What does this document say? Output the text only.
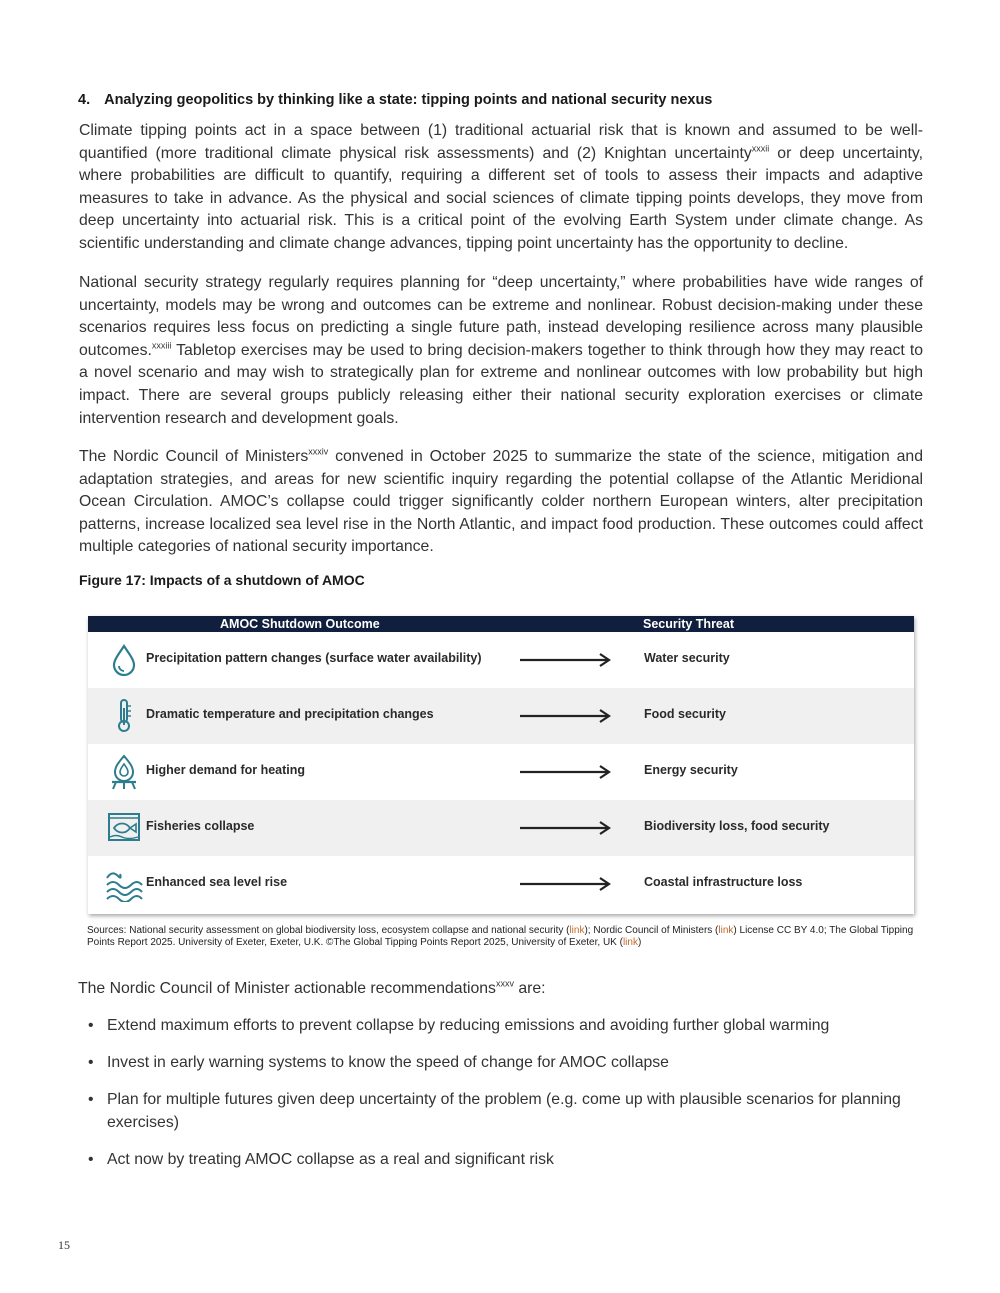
4. Analyzing geopolitics by thinking like a state: tipping points and national security nexus

Climate tipping points act in a space between (1) traditional actuarial risk that is known and assumed to be well-quantified (more traditional climate physical risk assessments) and (2) Knightan uncertainty$^{xxxii}$ or deep uncertainty, where probabilities are difficult to quantify, requiring a different set of tools to assess their impacts and adaptive measures to take in advance. As the physical and social sciences of climate tipping points develops, they move from deep uncertainty into actuarial risk. This is a critical point of the evolving Earth System under climate change. As scientific understanding and climate change advances, tipping point uncertainty has the opportunity to decline.

National security strategy regularly requires planning for “deep uncertainty,” where probabilities have wide ranges of uncertainty, models may be wrong and outcomes can be extreme and nonlinear. Robust decision-making under these scenarios requires less focus on predicting a single future path, instead developing resilience across many plausible outcomes.$^{xxxiii}$ Tabletop exercises may be used to bring decision-makers together to think through how they may react to a novel scenario and may wish to strategically plan for extreme and nonlinear outcomes with low probability but high impact. There are several groups publicly releasing either their national security exploration exercises or climate intervention research and development goals.

The Nordic Council of Ministers$^{xxxiv}$ convened in October 2025 to summarize the state of the science, mitigation and adaptation strategies, and areas for new scientific inquiry regarding the potential collapse of the Atlantic Meridional Ocean Circulation. AMOC’s collapse could trigger significantly colder northern European winters, alter precipitation patterns, increase localized sea level rise in the North Atlantic, and impact food production. These outcomes could affect multiple categories of national security importance.

Figure 17: Impacts of a shutdown of AMOC
AMOC Shutdown Outcome	Security Threat
Precipitation pattern changes (surface water availability)	Water security
Dramatic temperature and precipitation changes	Food security
Higher demand for heating	Energy security
Fisheries collapse	Biodiversity loss, food security
Enhanced sea level rise	Coastal infrastructure loss
Sources: National security assessment on global biodiversity loss, ecosystem collapse and national security (link); Nordic Council of Ministers (link) License CC BY 4.0; The Global Tipping Points Report 2025. University of Exeter, Exeter, U.K. ©The Global Tipping Points Report 2025, University of Exeter, UK (link)
The Nordic Council of Minister actionable recommendations$^{xxxv}$ are:
• Extend maximum efforts to prevent collapse by reducing emissions and avoiding further global warming
• Invest in early warning systems to know the speed of change for AMOC collapse
• Plan for multiple futures given deep uncertainty of the problem (e.g. come up with plausible scenarios for planning exercises)
• Act now by treating AMOC collapse as a real and significant risk
15
